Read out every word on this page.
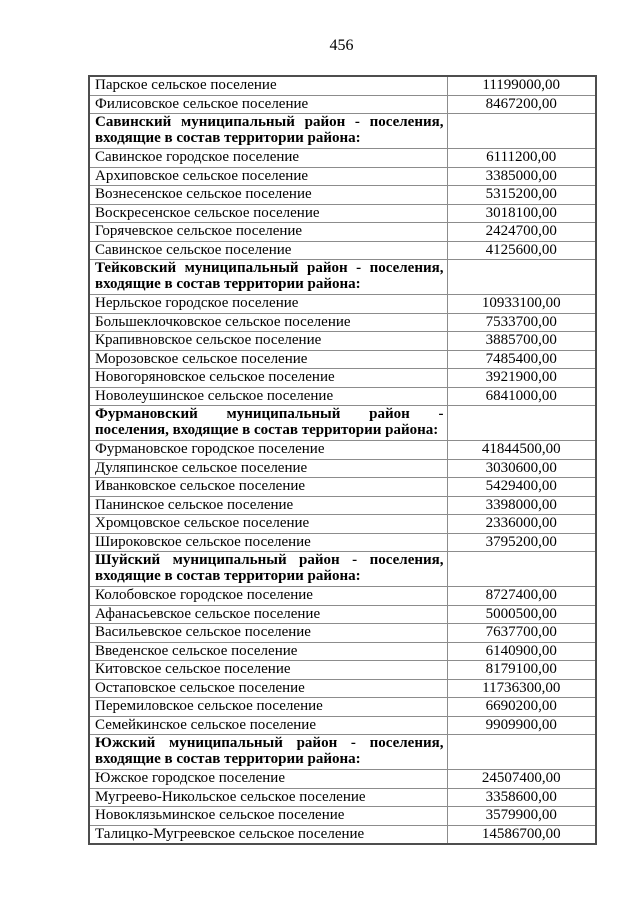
456
Парское сельское поселение	11199000,00
Филисовское сельское поселение	8467200,00

Савинский муниципальный район - поселения,
входящие в состав территории района:	

Савинское городское поселение	6111200,00
Архиповское сельское поселение	3385000,00
Вознесенское сельское поселение	5315200,00
Воскресенское сельское поселение	3018100,00
Горячевское сельское поселение	2424700,00
Савинское сельское поселение	4125600,00

Тейковский муниципальный район - поселения,
входящие в состав территории района:	

Нерльское городское поселение	10933100,00
Большеклочковское сельское поселение	7533700,00
Крапивновское сельское поселение	3885700,00
Морозовское сельское поселение	7485400,00
Новогоряновское сельское поселение	3921900,00
Новолеушинское сельское поселение	6841000,00

Фурмановский муниципальный район -
поселения, входящие в состав территории района:	

Фурмановское городское поселение	41844500,00
Дуляпинское сельское поселение	3030600,00
Иванковское сельское поселение	5429400,00
Панинское сельское поселение	3398000,00
Хромцовское сельское поселение	2336000,00
Широковское сельское поселение	3795200,00

Шуйский муниципальный район - поселения,
входящие в состав территории района:	

Колобовское городское поселение	8727400,00
Афанасьевское сельское поселение	5000500,00
Васильевское сельское поселение	7637700,00
Введенское сельское поселение	6140900,00
Китовское сельское поселение	8179100,00
Остаповское сельское поселение	11736300,00
Перемиловское сельское поселение	6690200,00
Семейкинское сельское поселение	9909900,00

Южский муниципальный район - поселения,
входящие в состав территории района:	

Южское городское поселение	24507400,00
Мугреево-Никольское сельское поселение	3358600,00
Новоклязьминское сельское поселение	3579900,00
Талицко-Мугреевское сельское поселение	14586700,00
